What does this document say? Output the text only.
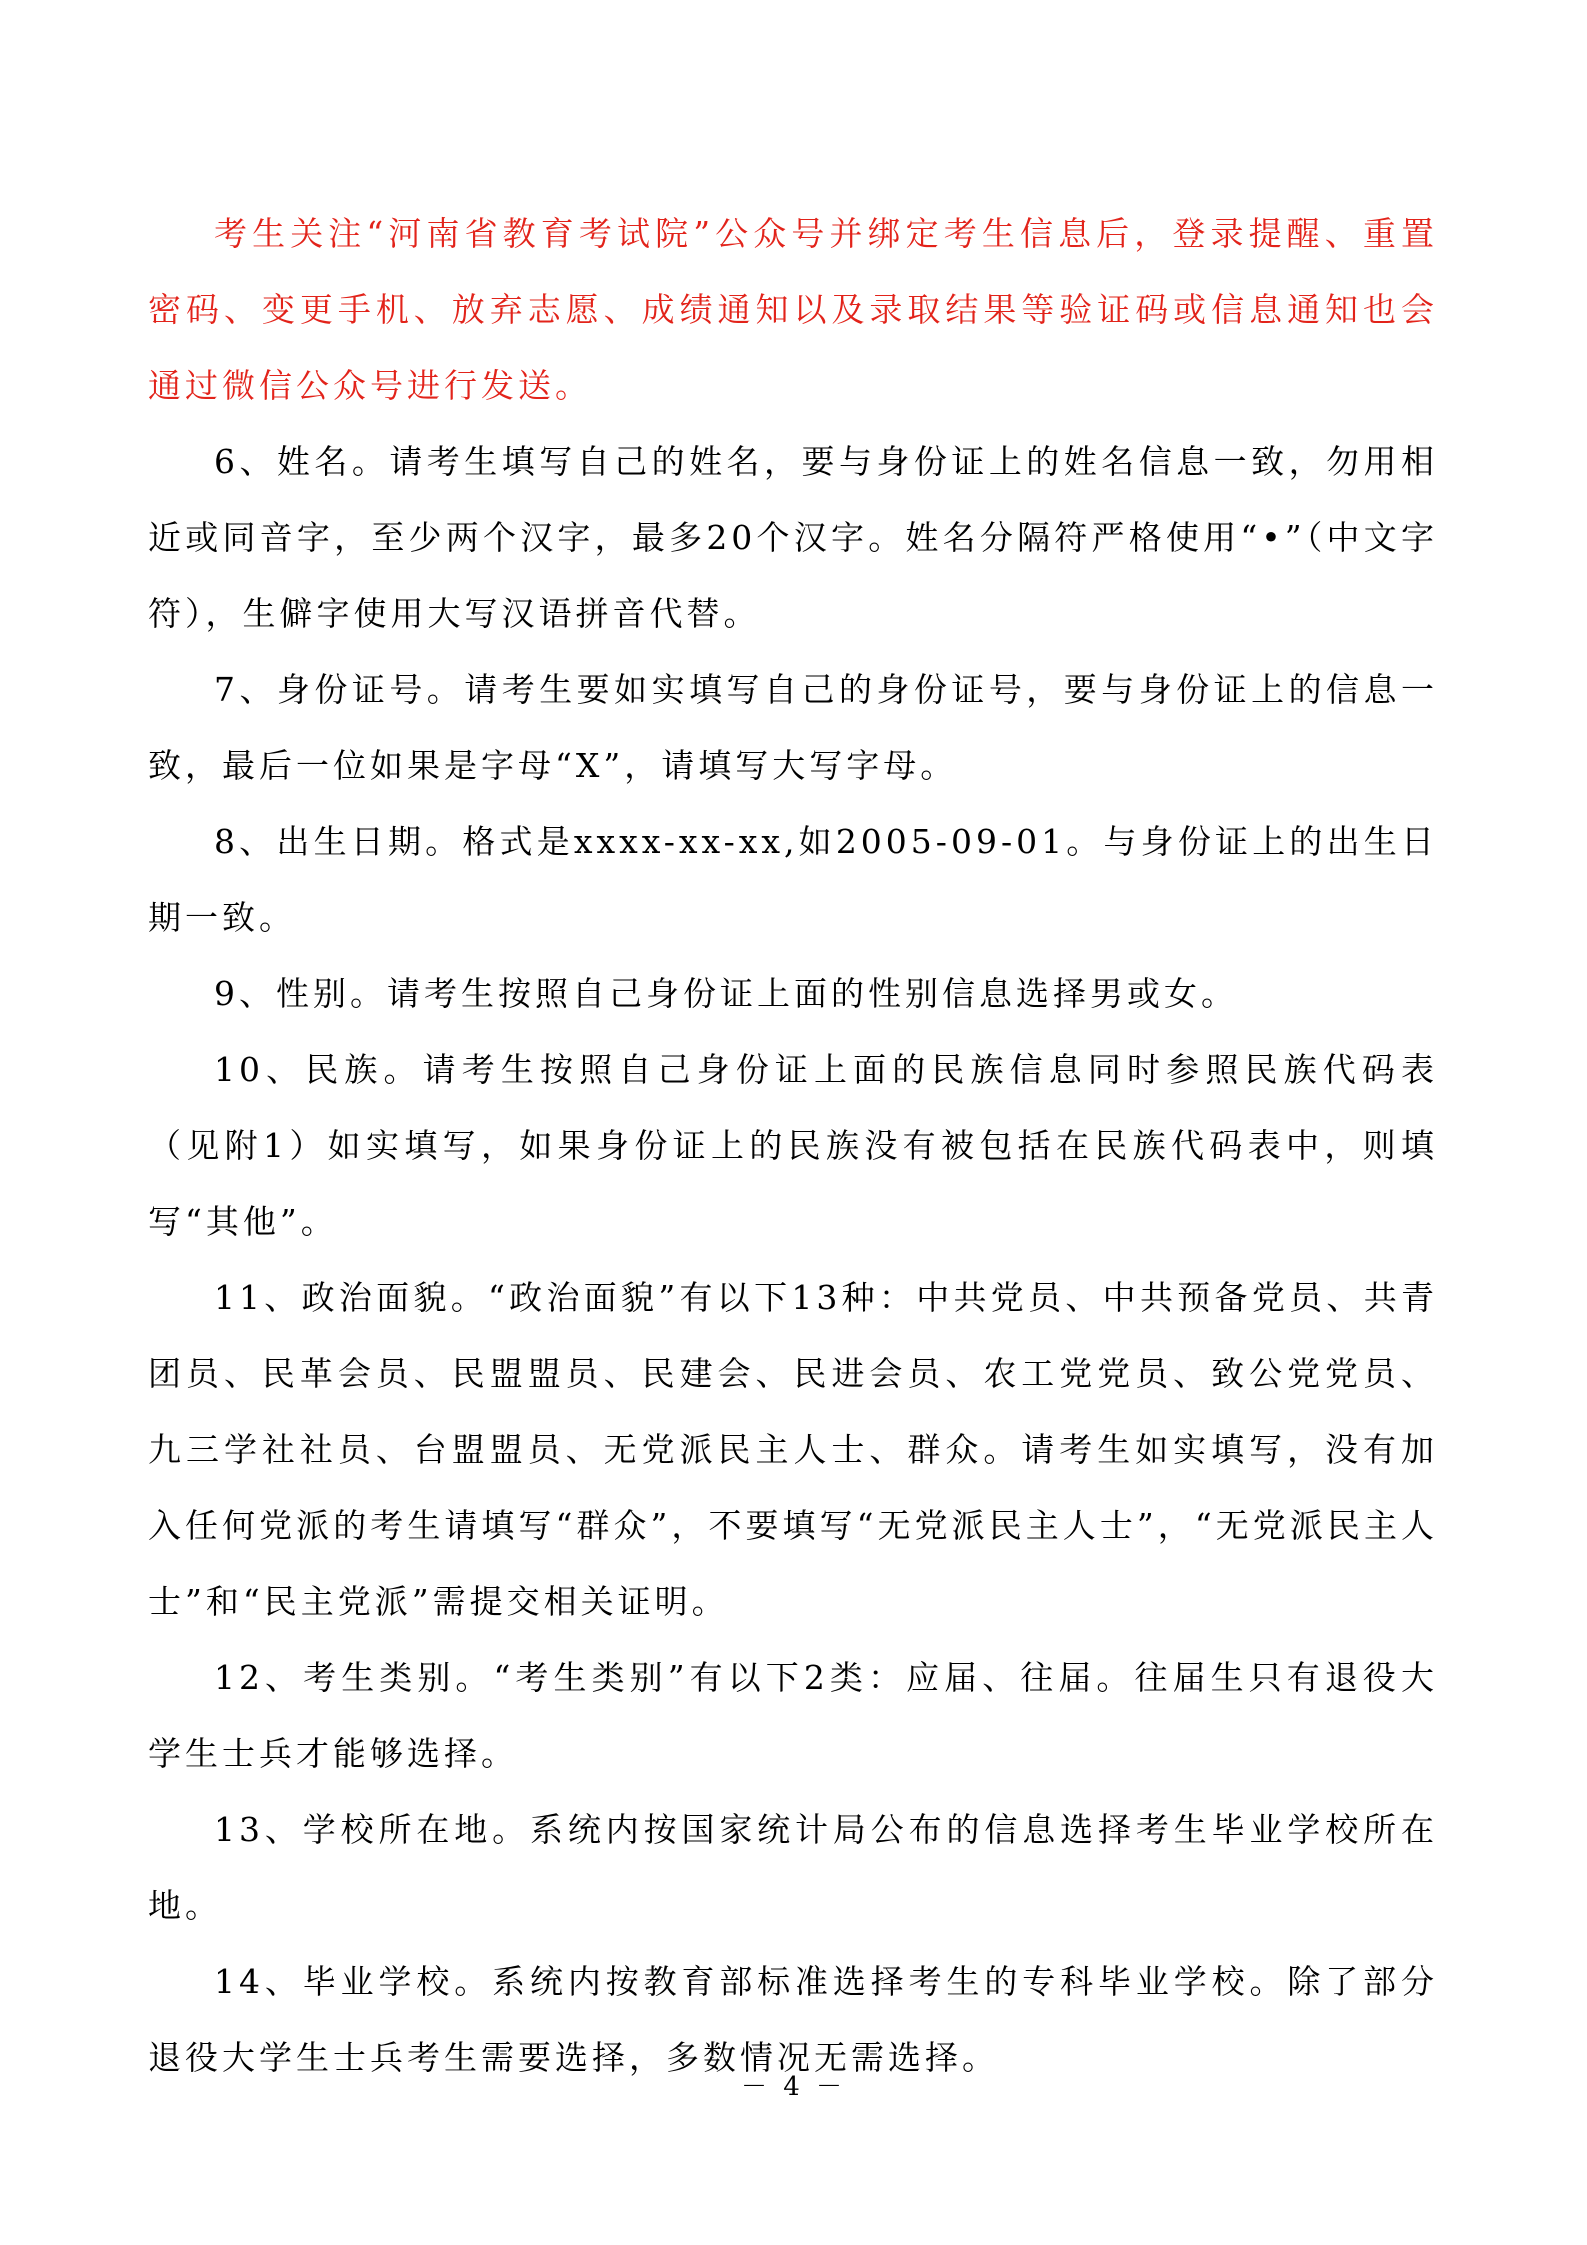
考生关注“河南省教育考试院”公众号并绑定考生信息后，登录提醒、重置密码、变更手机、放弃志愿、成绩通知以及录取结果等验证码或信息通知也会通过微信公众号进行发送。

6、姓名。请考生填写自己的姓名，要与身份证上的姓名信息一致，勿用相近或同音字，至少两个汉字，最多20个汉字。姓名分隔符严格使用“•”（中文字符），生僻字使用大写汉语拼音代替。

7、身份证号。请考生要如实填写自己的身份证号，要与身份证上的信息一致，最后一位如果是字母“X”，请填写大写字母。

8、出生日期。格式是xxxx-xx-xx,如2005-09-01。与身份证上的出生日期一致。

9、性别。请考生按照自己身份证上面的性别信息选择男或女。

10、民族。请考生按照自己身份证上面的民族信息同时参照民族代码表（见附1）如实填写，如果身份证上的民族没有被包括在民族代码表中，则填写“其他”。

11、政治面貌。“政治面貌”有以下13种：中共党员、中共预备党员、共青团员、民革会员、民盟盟员、民建会、民进会员、农工党党员、致公党党员、九三学社社员、台盟盟员、无党派民主人士、群众。请考生如实填写，没有加入任何党派的考生请填写“群众”，不要填写“无党派民主人士”，“无党派民主人士”和“民主党派”需提交相关证明。

12、考生类别。“考生类别”有以下2类：应届、往届。往届生只有退役大学生士兵才能够选择。

13、学校所在地。系统内按国家统计局公布的信息选择考生毕业学校所在地。

14、毕业学校。系统内按教育部标准选择考生的专科毕业学校。除了部分退役大学生士兵考生需要选择，多数情况无需选择。

－ 4 －
